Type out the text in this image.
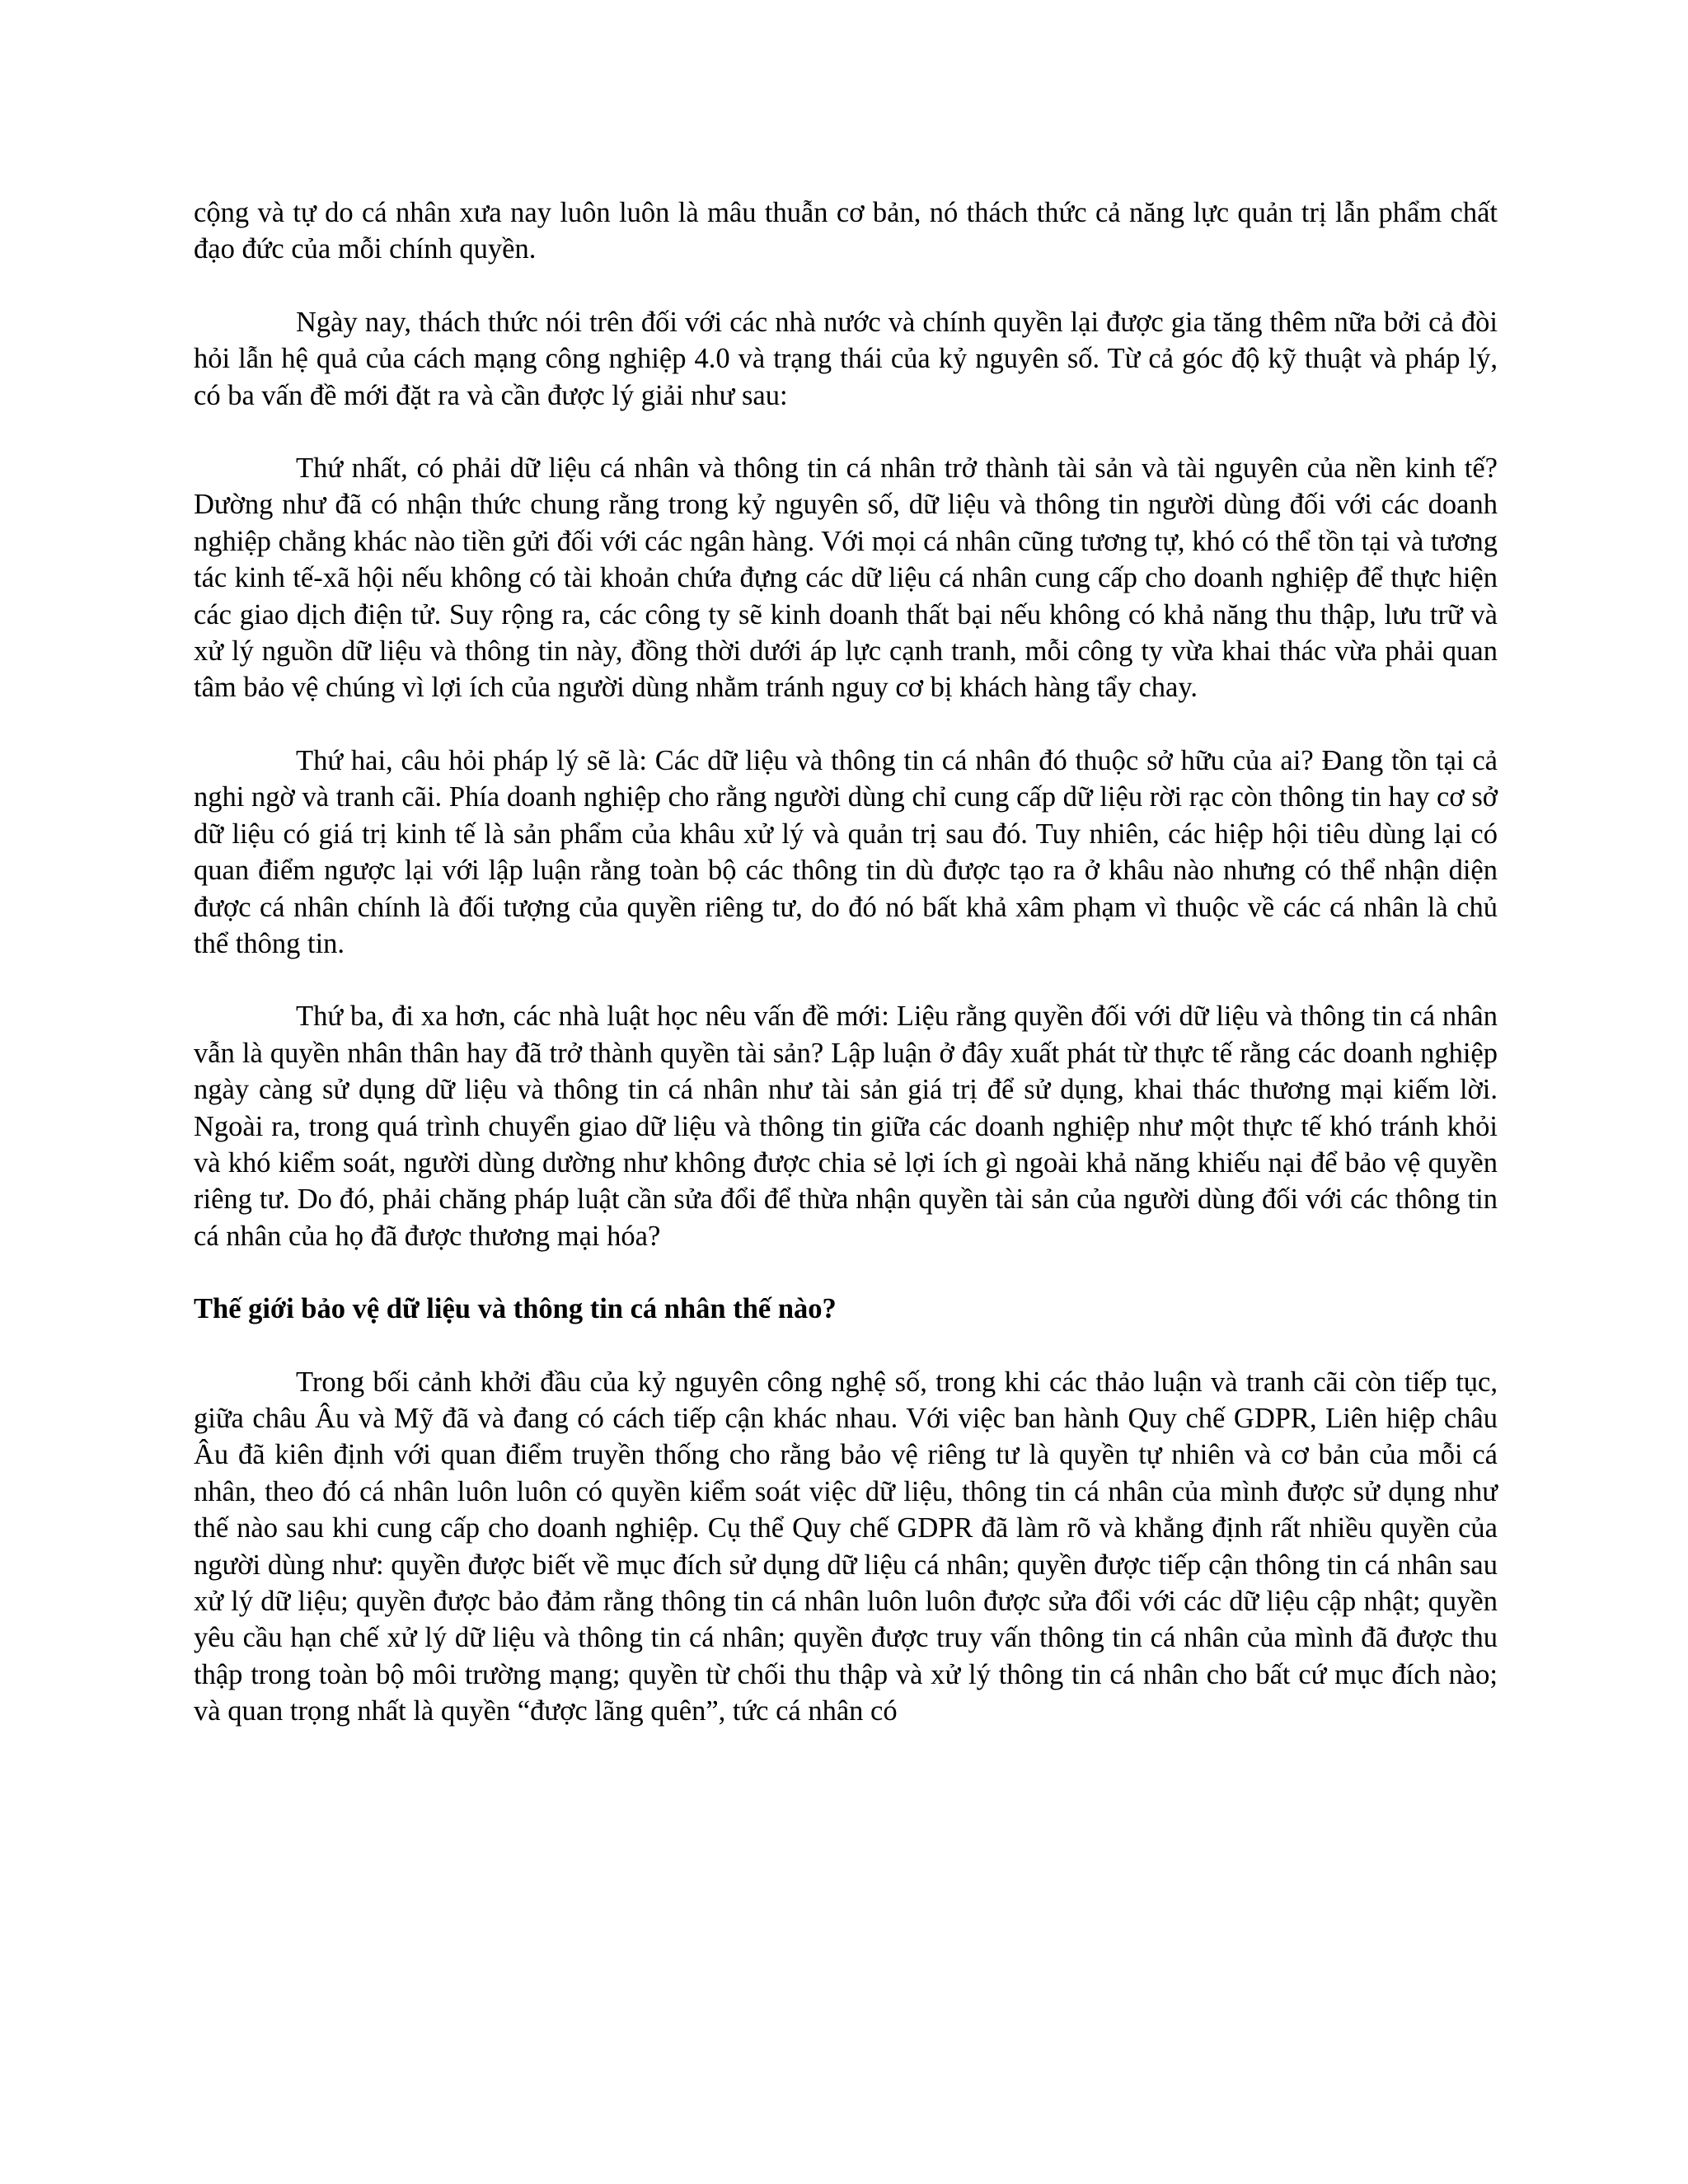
cộng và tự do cá nhân xưa nay luôn luôn là mâu thuẫn cơ bản, nó thách thức cả năng lực quản trị lẫn phẩm chất đạo đức của mỗi chính quyền.

Ngày nay, thách thức nói trên đối với các nhà nước và chính quyền lại được gia tăng thêm nữa bởi cả đòi hỏi lẫn hệ quả của cách mạng công nghiệp 4.0 và trạng thái của kỷ nguyên số. Từ cả góc độ kỹ thuật và pháp lý, có ba vấn đề mới đặt ra và cần được lý giải như sau:

Thứ nhất, có phải dữ liệu cá nhân và thông tin cá nhân trở thành tài sản và tài nguyên của nền kinh tế? Dường như đã có nhận thức chung rằng trong kỷ nguyên số, dữ liệu và thông tin người dùng đối với các doanh nghiệp chẳng khác nào tiền gửi đối với các ngân hàng. Với mọi cá nhân cũng tương tự, khó có thể tồn tại và tương tác kinh tế-xã hội nếu không có tài khoản chứa đựng các dữ liệu cá nhân cung cấp cho doanh nghiệp để thực hiện các giao dịch điện tử. Suy rộng ra, các công ty sẽ kinh doanh thất bại nếu không có khả năng thu thập, lưu trữ và xử lý nguồn dữ liệu và thông tin này, đồng thời dưới áp lực cạnh tranh, mỗi công ty vừa khai thác vừa phải quan tâm bảo vệ chúng vì lợi ích của người dùng nhằm tránh nguy cơ bị khách hàng tẩy chay.

Thứ hai, câu hỏi pháp lý sẽ là: Các dữ liệu và thông tin cá nhân đó thuộc sở hữu của ai? Đang tồn tại cả nghi ngờ và tranh cãi. Phía doanh nghiệp cho rằng người dùng chỉ cung cấp dữ liệu rời rạc còn thông tin hay cơ sở dữ liệu có giá trị kinh tế là sản phẩm của khâu xử lý và quản trị sau đó. Tuy nhiên, các hiệp hội tiêu dùng lại có quan điểm ngược lại với lập luận rằng toàn bộ các thông tin dù được tạo ra ở khâu nào nhưng có thể nhận diện được cá nhân chính là đối tượng của quyền riêng tư, do đó nó bất khả xâm phạm vì thuộc về các cá nhân là chủ thể thông tin.

Thứ ba, đi xa hơn, các nhà luật học nêu vấn đề mới: Liệu rằng quyền đối với dữ liệu và thông tin cá nhân vẫn là quyền nhân thân hay đã trở thành quyền tài sản? Lập luận ở đây xuất phát từ thực tế rằng các doanh nghiệp ngày càng sử dụng dữ liệu và thông tin cá nhân như tài sản giá trị để sử dụng, khai thác thương mại kiếm lời. Ngoài ra, trong quá trình chuyển giao dữ liệu và thông tin giữa các doanh nghiệp như một thực tế khó tránh khỏi và khó kiểm soát, người dùng dường như không được chia sẻ lợi ích gì ngoài khả năng khiếu nại để bảo vệ quyền riêng tư. Do đó, phải chăng pháp luật cần sửa đổi để thừa nhận quyền tài sản của người dùng đối với các thông tin cá nhân của họ đã được thương mại hóa?

Thế giới bảo vệ dữ liệu và thông tin cá nhân thế nào?

Trong bối cảnh khởi đầu của kỷ nguyên công nghệ số, trong khi các thảo luận và tranh cãi còn tiếp tục, giữa châu Âu và Mỹ đã và đang có cách tiếp cận khác nhau. Với việc ban hành Quy chế GDPR, Liên hiệp châu Âu đã kiên định với quan điểm truyền thống cho rằng bảo vệ riêng tư là quyền tự nhiên và cơ bản của mỗi cá nhân, theo đó cá nhân luôn luôn có quyền kiểm soát việc dữ liệu, thông tin cá nhân của mình được sử dụng như thế nào sau khi cung cấp cho doanh nghiệp. Cụ thể Quy chế GDPR đã làm rõ và khẳng định rất nhiều quyền của người dùng như: quyền được biết về mục đích sử dụng dữ liệu cá nhân; quyền được tiếp cận thông tin cá nhân sau xử lý dữ liệu; quyền được bảo đảm rằng thông tin cá nhân luôn luôn được sửa đổi với các dữ liệu cập nhật; quyền yêu cầu hạn chế xử lý dữ liệu và thông tin cá nhân; quyền được truy vấn thông tin cá nhân của mình đã được thu thập trong toàn bộ môi trường mạng; quyền từ chối thu thập và xử lý thông tin cá nhân cho bất cứ mục đích nào; và quan trọng nhất là quyền “được lãng quên”, tức cá nhân có
